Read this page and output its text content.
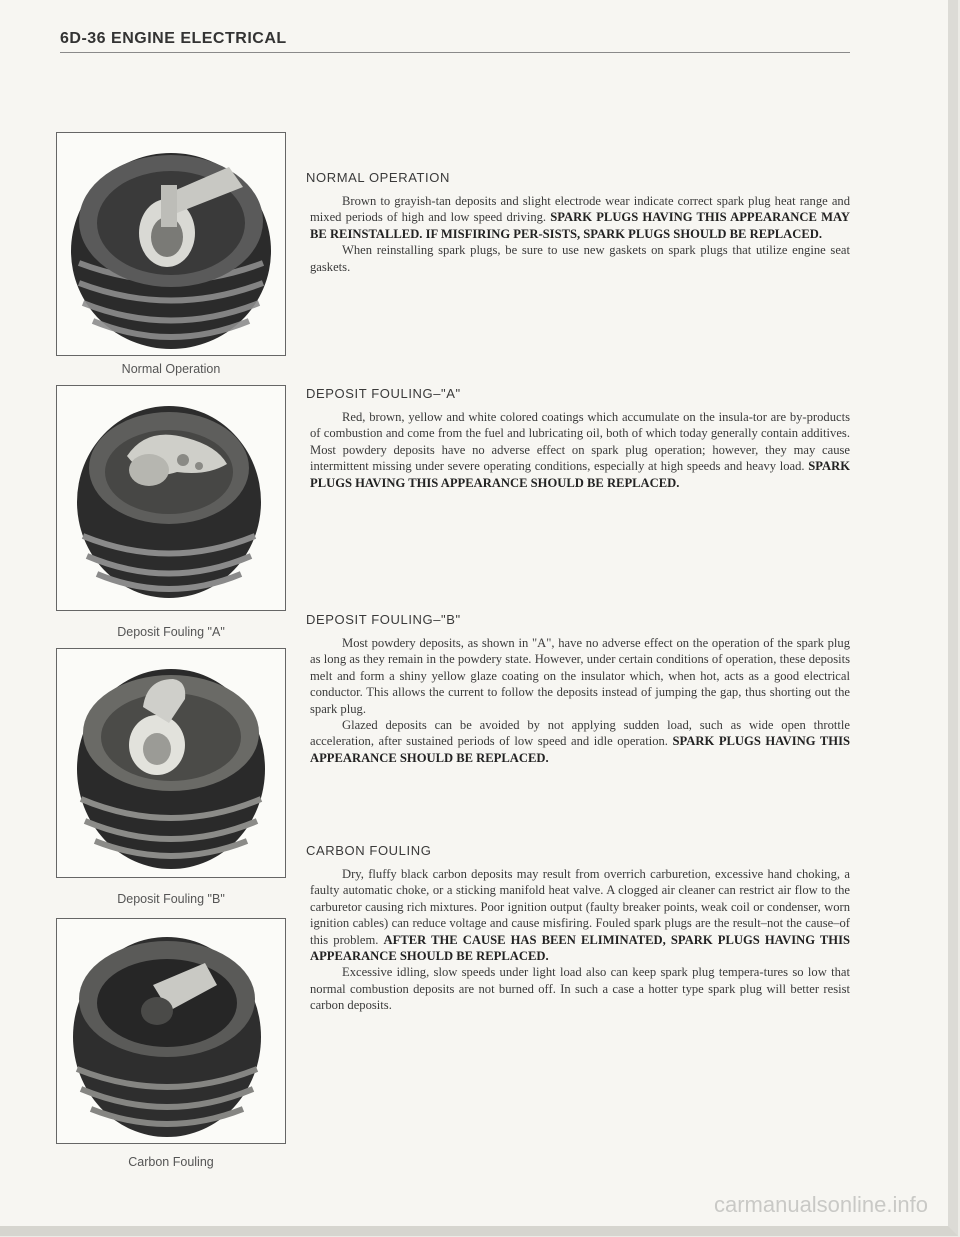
6D-36 ENGINE ELECTRICAL
Normal Operation
Deposit Fouling "A"
Deposit Fouling "B"
Carbon Fouling
NORMAL OPERATION

Brown to grayish-tan deposits and slight electrode wear indicate correct spark plug heat range and mixed periods of high and low speed driving. SPARK PLUGS HAVING THIS APPEARANCE MAY BE REINSTALLED. IF MISFIRING PER-SISTS, SPARK PLUGS SHOULD BE REPLACED.

When reinstalling spark plugs, be sure to use new gaskets on spark plugs that utilize engine seat gaskets.

DEPOSIT FOULING–"A"

Red, brown, yellow and white colored coatings which accumulate on the insula-tor are by-products of combustion and come from the fuel and lubricating oil, both of which today generally contain additives. Most powdery deposits have no adverse effect on spark plug operation; however, they may cause intermittent missing under severe operating conditions, especially at high speeds and heavy load. SPARK PLUGS HAVING THIS APPEARANCE SHOULD BE REPLACED.

DEPOSIT FOULING–"B"

Most powdery deposits, as shown in "A", have no adverse effect on the operation of the spark plug as long as they remain in the powdery state. However, under certain conditions of operation, these deposits melt and form a shiny yellow glaze coating on the insulator which, when hot, acts as a good electrical conductor. This allows the current to follow the deposits instead of jumping the gap, thus shorting out the spark plug.

Glazed deposits can be avoided by not applying sudden load, such as wide open throttle acceleration, after sustained periods of low speed and idle operation. SPARK PLUGS HAVING THIS APPEARANCE SHOULD BE REPLACED.

CARBON FOULING

Dry, fluffy black carbon deposits may result from overrich carburetion, excessive hand choking, a faulty automatic choke, or a sticking manifold heat valve. A clogged air cleaner can restrict air flow to the carburetor causing rich mixtures. Poor ignition output (faulty breaker points, weak coil or condenser, worn ignition cables) can reduce voltage and cause misfiring. Fouled spark plugs are the result–not the cause–of this problem. AFTER THE CAUSE HAS BEEN ELIMINATED, SPARK PLUGS HAVING THIS APPEARANCE SHOULD BE REPLACED.

Excessive idling, slow speeds under light load also can keep spark plug tempera-tures so low that normal combustion deposits are not burned off. In such a case a hotter type spark plug will better resist carbon deposits.

carmanualsonline.info
